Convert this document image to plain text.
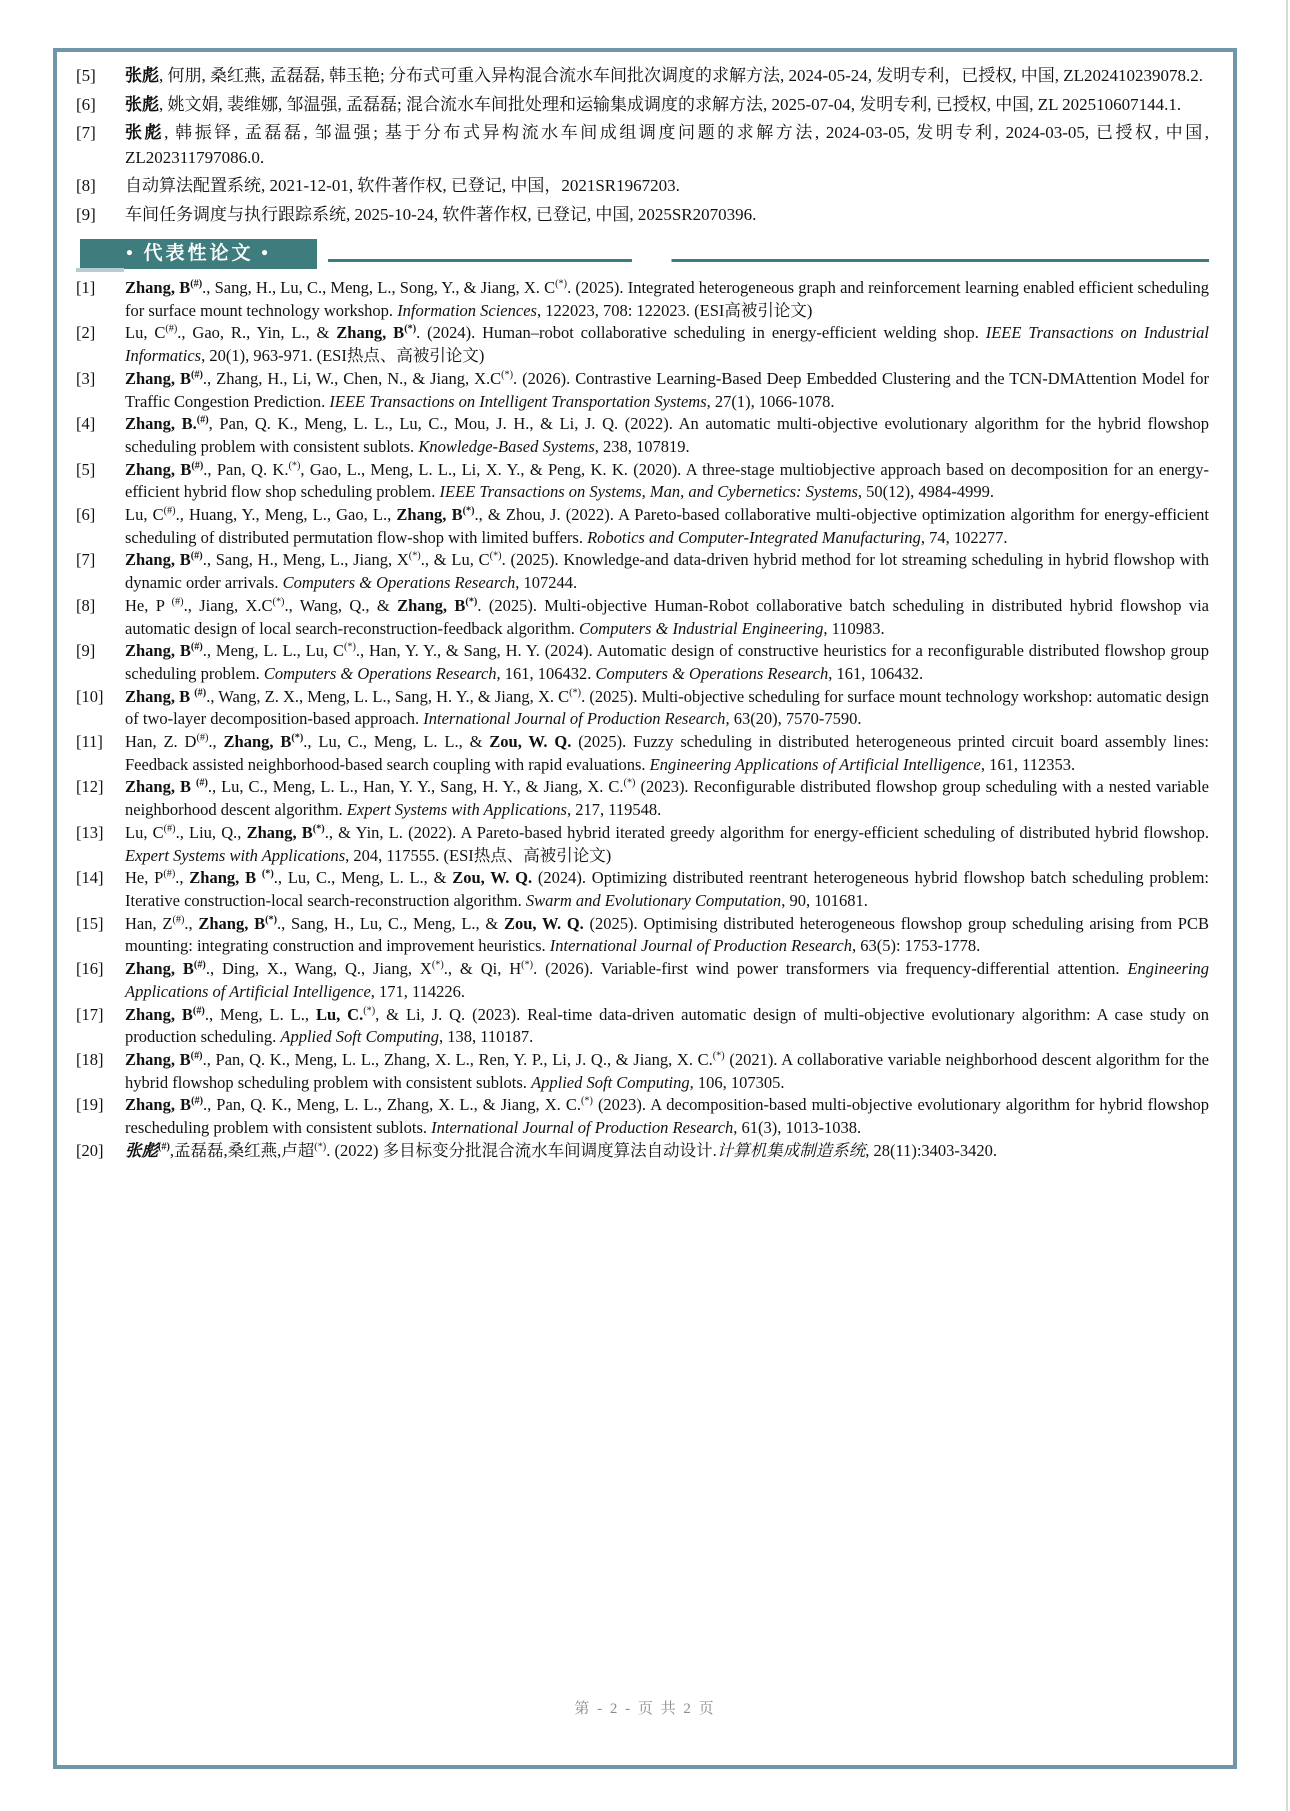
[5] 张彪, 何朋, 桑红燕, 孟磊磊, 韩玉艳; 分布式可重入异构混合流水车间批次调度的求解方法, 2024-05-24, 发明专利，已授权, 中国, ZL202410239078.2.
[6] 张彪, 姚文娟, 裴维娜, 邹温强, 孟磊磊; 混合流水车间批处理和运输集成调度的求解方法, 2025-07-04, 发明专利, 已授权, 中国, ZL 202510607144.1.
[7] 张彪, 韩振铎, 孟磊磊, 邹温强; 基于分布式异构流水车间成组调度问题的求解方法, 2024-03-05, 发明专利, 2024-03-05, 已授权, 中国, ZL202311797086.0.
[8] 自动算法配置系统, 2021-12-01, 软件著作权, 已登记, 中国，2021SR1967203.
[9] 车间任务调度与执行跟踪系统, 2025-10-24, 软件著作权, 已登记, 中国, 2025SR2070396.
• 代表性论文 •
[1] Zhang, B(#)., Sang, H., Lu, C., Meng, L., Song, Y., & Jiang, X. C(*). (2025). Integrated heterogeneous graph and reinforcement learning enabled efficient scheduling for surface mount technology workshop. Information Sciences, 122023, 708: 122023. (ESI高被引论文)
[2] Lu, C(#)., Gao, R., Yin, L., & Zhang, B(*). (2024). Human–robot collaborative scheduling in energy-efficient welding shop. IEEE Transactions on Industrial Informatics, 20(1), 963-971. (ESI热点、高被引论文)
[3] Zhang, B(#)., Zhang, H., Li, W., Chen, N., & Jiang, X.C(*). (2026). Contrastive Learning-Based Deep Embedded Clustering and the TCN-DMAttention Model for Traffic Congestion Prediction. IEEE Transactions on Intelligent Transportation Systems, 27(1), 1066-1078.
[4] Zhang, B.(#), Pan, Q. K., Meng, L. L., Lu, C., Mou, J. H., & Li, J. Q. (2022). An automatic multi-objective evolutionary algorithm for the hybrid flowshop scheduling problem with consistent sublots. Knowledge-Based Systems, 238, 107819.
[5] Zhang, B(#)., Pan, Q. K.(*), Gao, L., Meng, L. L., Li, X. Y., & Peng, K. K. (2020). A three-stage multiobjective approach based on decomposition for an energy-efficient hybrid flow shop scheduling problem. IEEE Transactions on Systems, Man, and Cybernetics: Systems, 50(12), 4984-4999.
[6] Lu, C(#)., Huang, Y., Meng, L., Gao, L., Zhang, B(*)., & Zhou, J. (2022). A Pareto-based collaborative multi-objective optimization algorithm for energy-efficient scheduling of distributed permutation flow-shop with limited buffers. Robotics and Computer-Integrated Manufacturing, 74, 102277.
[7] Zhang, B(#)., Sang, H., Meng, L., Jiang, X(*)., & Lu, C(*). (2025). Knowledge-and data-driven hybrid method for lot streaming scheduling in hybrid flowshop with dynamic order arrivals. Computers & Operations Research, 107244.
[8] He, P (#)., Jiang, X.C(*)., Wang, Q., & Zhang, B(*). (2025). Multi-objective Human-Robot collaborative batch scheduling in distributed hybrid flowshop via automatic design of local search-reconstruction-feedback algorithm. Computers & Industrial Engineering, 110983.
[9] Zhang, B(#)., Meng, L. L., Lu, C(*)., Han, Y. Y., & Sang, H. Y. (2024). Automatic design of constructive heuristics for a reconfigurable distributed flowshop group scheduling problem. Computers & Operations Research, 161, 106432. Computers & Operations Research, 161, 106432.
[10] Zhang, B (#)., Wang, Z. X., Meng, L. L., Sang, H. Y., & Jiang, X. C(*). (2025). Multi-objective scheduling for surface mount technology workshop: automatic design of two-layer decomposition-based approach. International Journal of Production Research, 63(20), 7570-7590.
[11] Han, Z. D(#)., Zhang, B(*)., Lu, C., Meng, L. L., & Zou, W. Q. (2025). Fuzzy scheduling in distributed heterogeneous printed circuit board assembly lines: Feedback assisted neighborhood-based search coupling with rapid evaluations. Engineering Applications of Artificial Intelligence, 161, 112353.
[12] Zhang, B (#)., Lu, C., Meng, L. L., Han, Y. Y., Sang, H. Y., & Jiang, X. C.(*) (2023). Reconfigurable distributed flowshop group scheduling with a nested variable neighborhood descent algorithm. Expert Systems with Applications, 217, 119548.
[13] Lu, C(#)., Liu, Q., Zhang, B(*)., & Yin, L. (2022). A Pareto-based hybrid iterated greedy algorithm for energy-efficient scheduling of distributed hybrid flowshop. Expert Systems with Applications, 204, 117555. (ESI热点、高被引论文)
[14] He, P(#)., Zhang, B (*)., Lu, C., Meng, L. L., & Zou, W. Q. (2024). Optimizing distributed reentrant heterogeneous hybrid flowshop batch scheduling problem: Iterative construction-local search-reconstruction algorithm. Swarm and Evolutionary Computation, 90, 101681.
[15] Han, Z(#)., Zhang, B(*)., Sang, H., Lu, C., Meng, L., & Zou, W. Q. (2025). Optimising distributed heterogeneous flowshop group scheduling arising from PCB mounting: integrating construction and improvement heuristics. International Journal of Production Research, 63(5): 1753-1778.
[16] Zhang, B(#)., Ding, X., Wang, Q., Jiang, X(*)., & Qi, H(*). (2026). Variable-first wind power transformers via frequency-differential attention. Engineering Applications of Artificial Intelligence, 171, 114226.
[17] Zhang, B(#)., Meng, L. L., Lu, C.(*), & Li, J. Q. (2023). Real-time data-driven automatic design of multi-objective evolutionary algorithm: A case study on production scheduling. Applied Soft Computing, 138, 110187.
[18] Zhang, B(#)., Pan, Q. K., Meng, L. L., Zhang, X. L., Ren, Y. P., Li, J. Q., & Jiang, X. C.(*) (2021). A collaborative variable neighborhood descent algorithm for the hybrid flowshop scheduling problem with consistent sublots. Applied Soft Computing, 106, 107305.
[19] Zhang, B(#)., Pan, Q. K., Meng, L. L., Zhang, X. L., & Jiang, X. C.(*) (2023). A decomposition-based multi-objective evolutionary algorithm for hybrid flowshop rescheduling problem with consistent sublots. International Journal of Production Research, 61(3), 1013-1038.
[20] 张彪(#),孟磊磊,桑红燕,卢超(*). (2022) 多目标变分批混合流水车间调度算法自动设计.计算机集成制造系统, 28(11):3403-3420.
第 - 2 - 页 共 2 页
